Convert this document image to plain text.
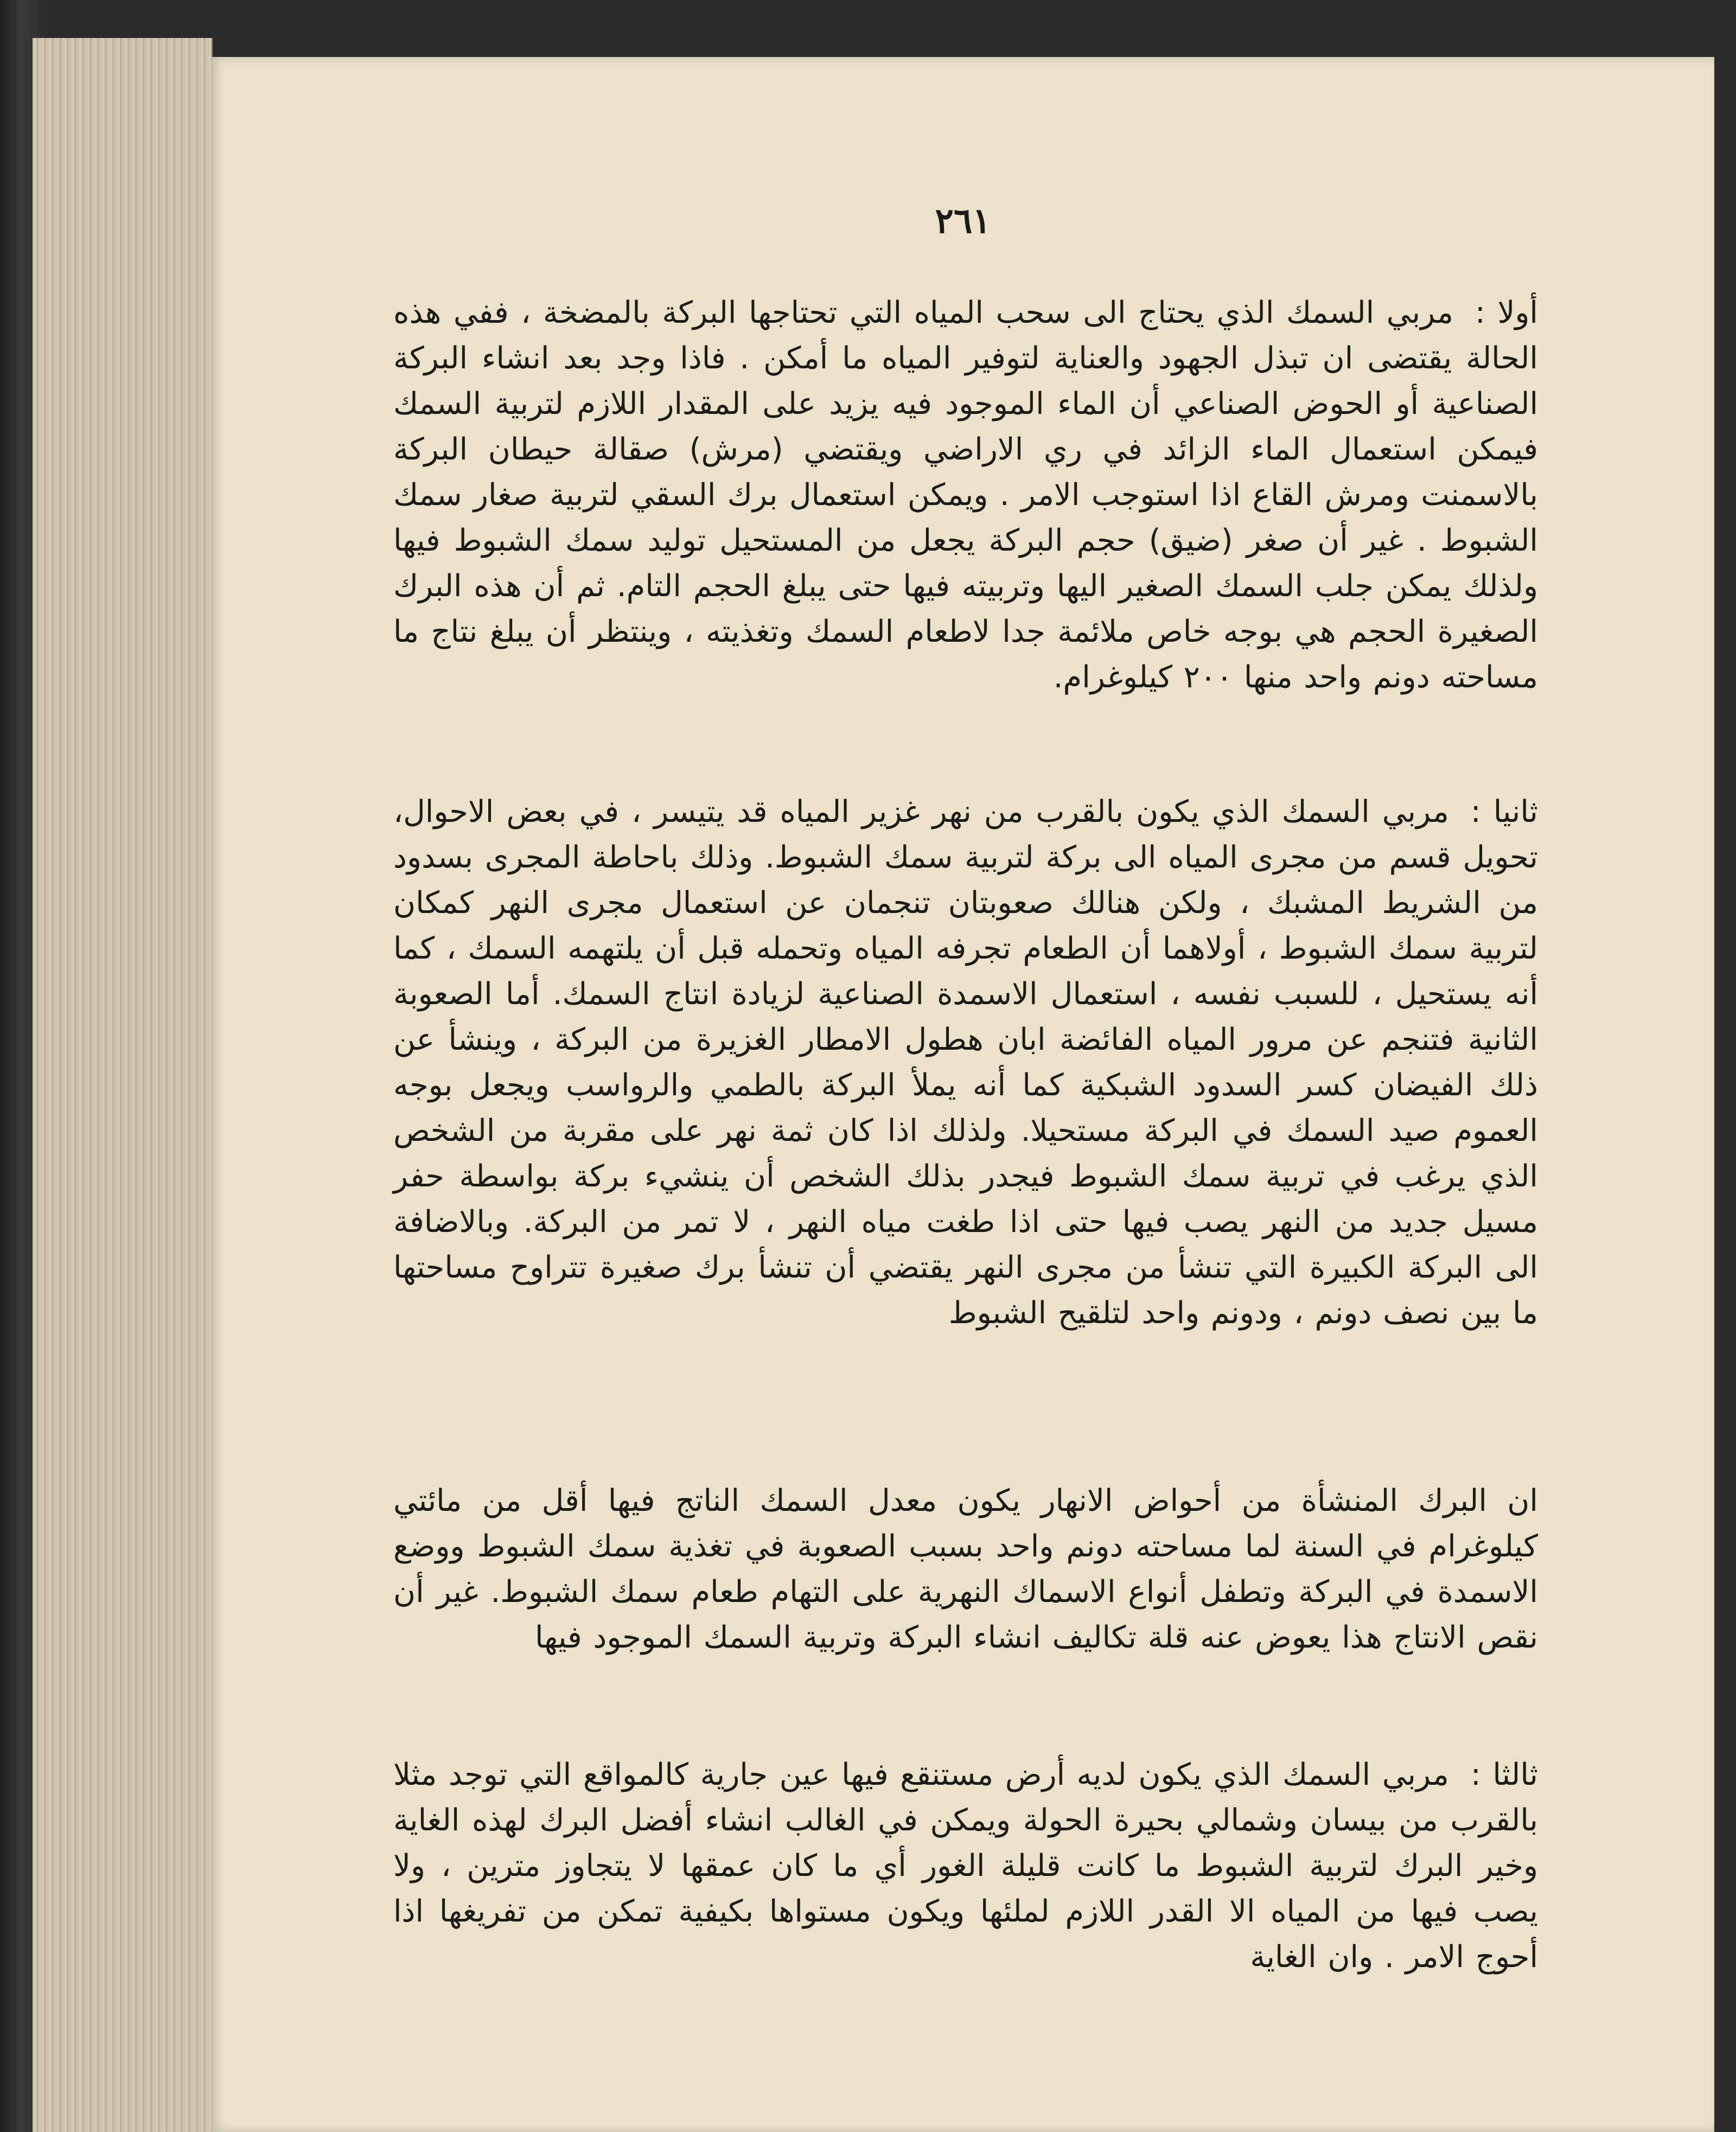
٢٦١
أولا :مربي السمك الذي يحتاج الى سحب المياه التي تحتاجها البركة بالمضخة ، ففي هذه الحالة يقتضى ان تبذل الجهود والعناية لتوفير المياه ما أمكن . فاذا وجد بعد انشاء البركة الصناعية أو الحوض الصناعي أن الماء الموجود فيه يزيد على المقدار اللازم لتربية السمك فيمكن استعمال الماء الزائد في ري الاراضي ويقتضي (مرش) صقالة حيطان البركة بالاسمنت ومرش القاع اذا استوجب الامر . ويمكن استعمال برك السقي لتربية صغار سمك الشبوط . غير أن صغر (ضيق) حجم البركة يجعل من المستحيل توليد سمك الشبوط فيها ولذلك يمكن جلب السمك الصغير اليها وتربيته فيها حتى يبلغ الحجم التام. ثم أن هذه البرك الصغيرة الحجم هي بوجه خاص ملائمة جدا لاطعام السمك وتغذيته ، وينتظر أن يبلغ نتاج ما مساحته دونم واحد منها ٢٠٠ كيلوغرام.
ثانيا :مربي السمك الذي يكون بالقرب من نهر غزير المياه قد يتيسر ، في بعض الاحوال، تحويل قسم من مجرى المياه الى بركة لتربية سمك الشبوط. وذلك باحاطة المجرى بسدود من الشريط المشبك ، ولكن هنالك صعوبتان تنجمان عن استعمال مجرى النهر كمكان لتربية سمك الشبوط ، أولاهما أن الطعام تجرفه المياه وتحمله قبل أن يلتهمه السمك ، كما أنه يستحيل ، للسبب نفسه ، استعمال الاسمدة الصناعية لزيادة انتاج السمك. أما الصعوبة الثانية فتنجم عن مرور المياه الفائضة ابان هطول الامطار الغزيرة من البركة ، وينشأ عن ذلك الفيضان كسر السدود الشبكية كما أنه يملأ البركة بالطمي والرواسب ويجعل بوجه العموم صيد السمك في البركة مستحيلا. ولذلك اذا كان ثمة نهر على مقربة من الشخص الذي يرغب في تربية سمك الشبوط فيجدر بذلك الشخص أن ينشيء بركة بواسطة حفر مسيل جديد من النهر يصب فيها حتى اذا طغت مياه النهر ، لا تمر من البركة. وبالاضافة الى البركة الكبيرة التي تنشأ من مجرى النهر يقتضي أن تنشأ برك صغيرة تتراوح مساحتها ما بين نصف دونم ، ودونم واحد لتلقيح الشبوط
ان البرك المنشأة من أحواض الانهار يكون معدل السمك الناتج فيها أقل من مائتي كيلوغرام في السنة لما مساحته دونم واحد بسبب الصعوبة في تغذية سمك الشبوط ووضع الاسمدة في البركة وتطفل أنواع الاسماك النهرية على التهام طعام سمك الشبوط. غير أن نقص الانتاج هذا يعوض عنه قلة تكاليف انشاء البركة وتربية السمك الموجود فيها
ثالثا :مربي السمك الذي يكون لديه أرض مستنقع فيها عين جارية كالمواقع التي توجد مثلا بالقرب من بيسان وشمالي بحيرة الحولة ويمكن في الغالب انشاء أفضل البرك لهذه الغاية وخير البرك لتربية الشبوط ما كانت قليلة الغور أي ما كان عمقها لا يتجاوز مترين ، ولا يصب فيها من المياه الا القدر اللازم لملئها ويكون مستواها بكيفية تمكن من تفريغها اذا أحوج الامر . وان الغاية
